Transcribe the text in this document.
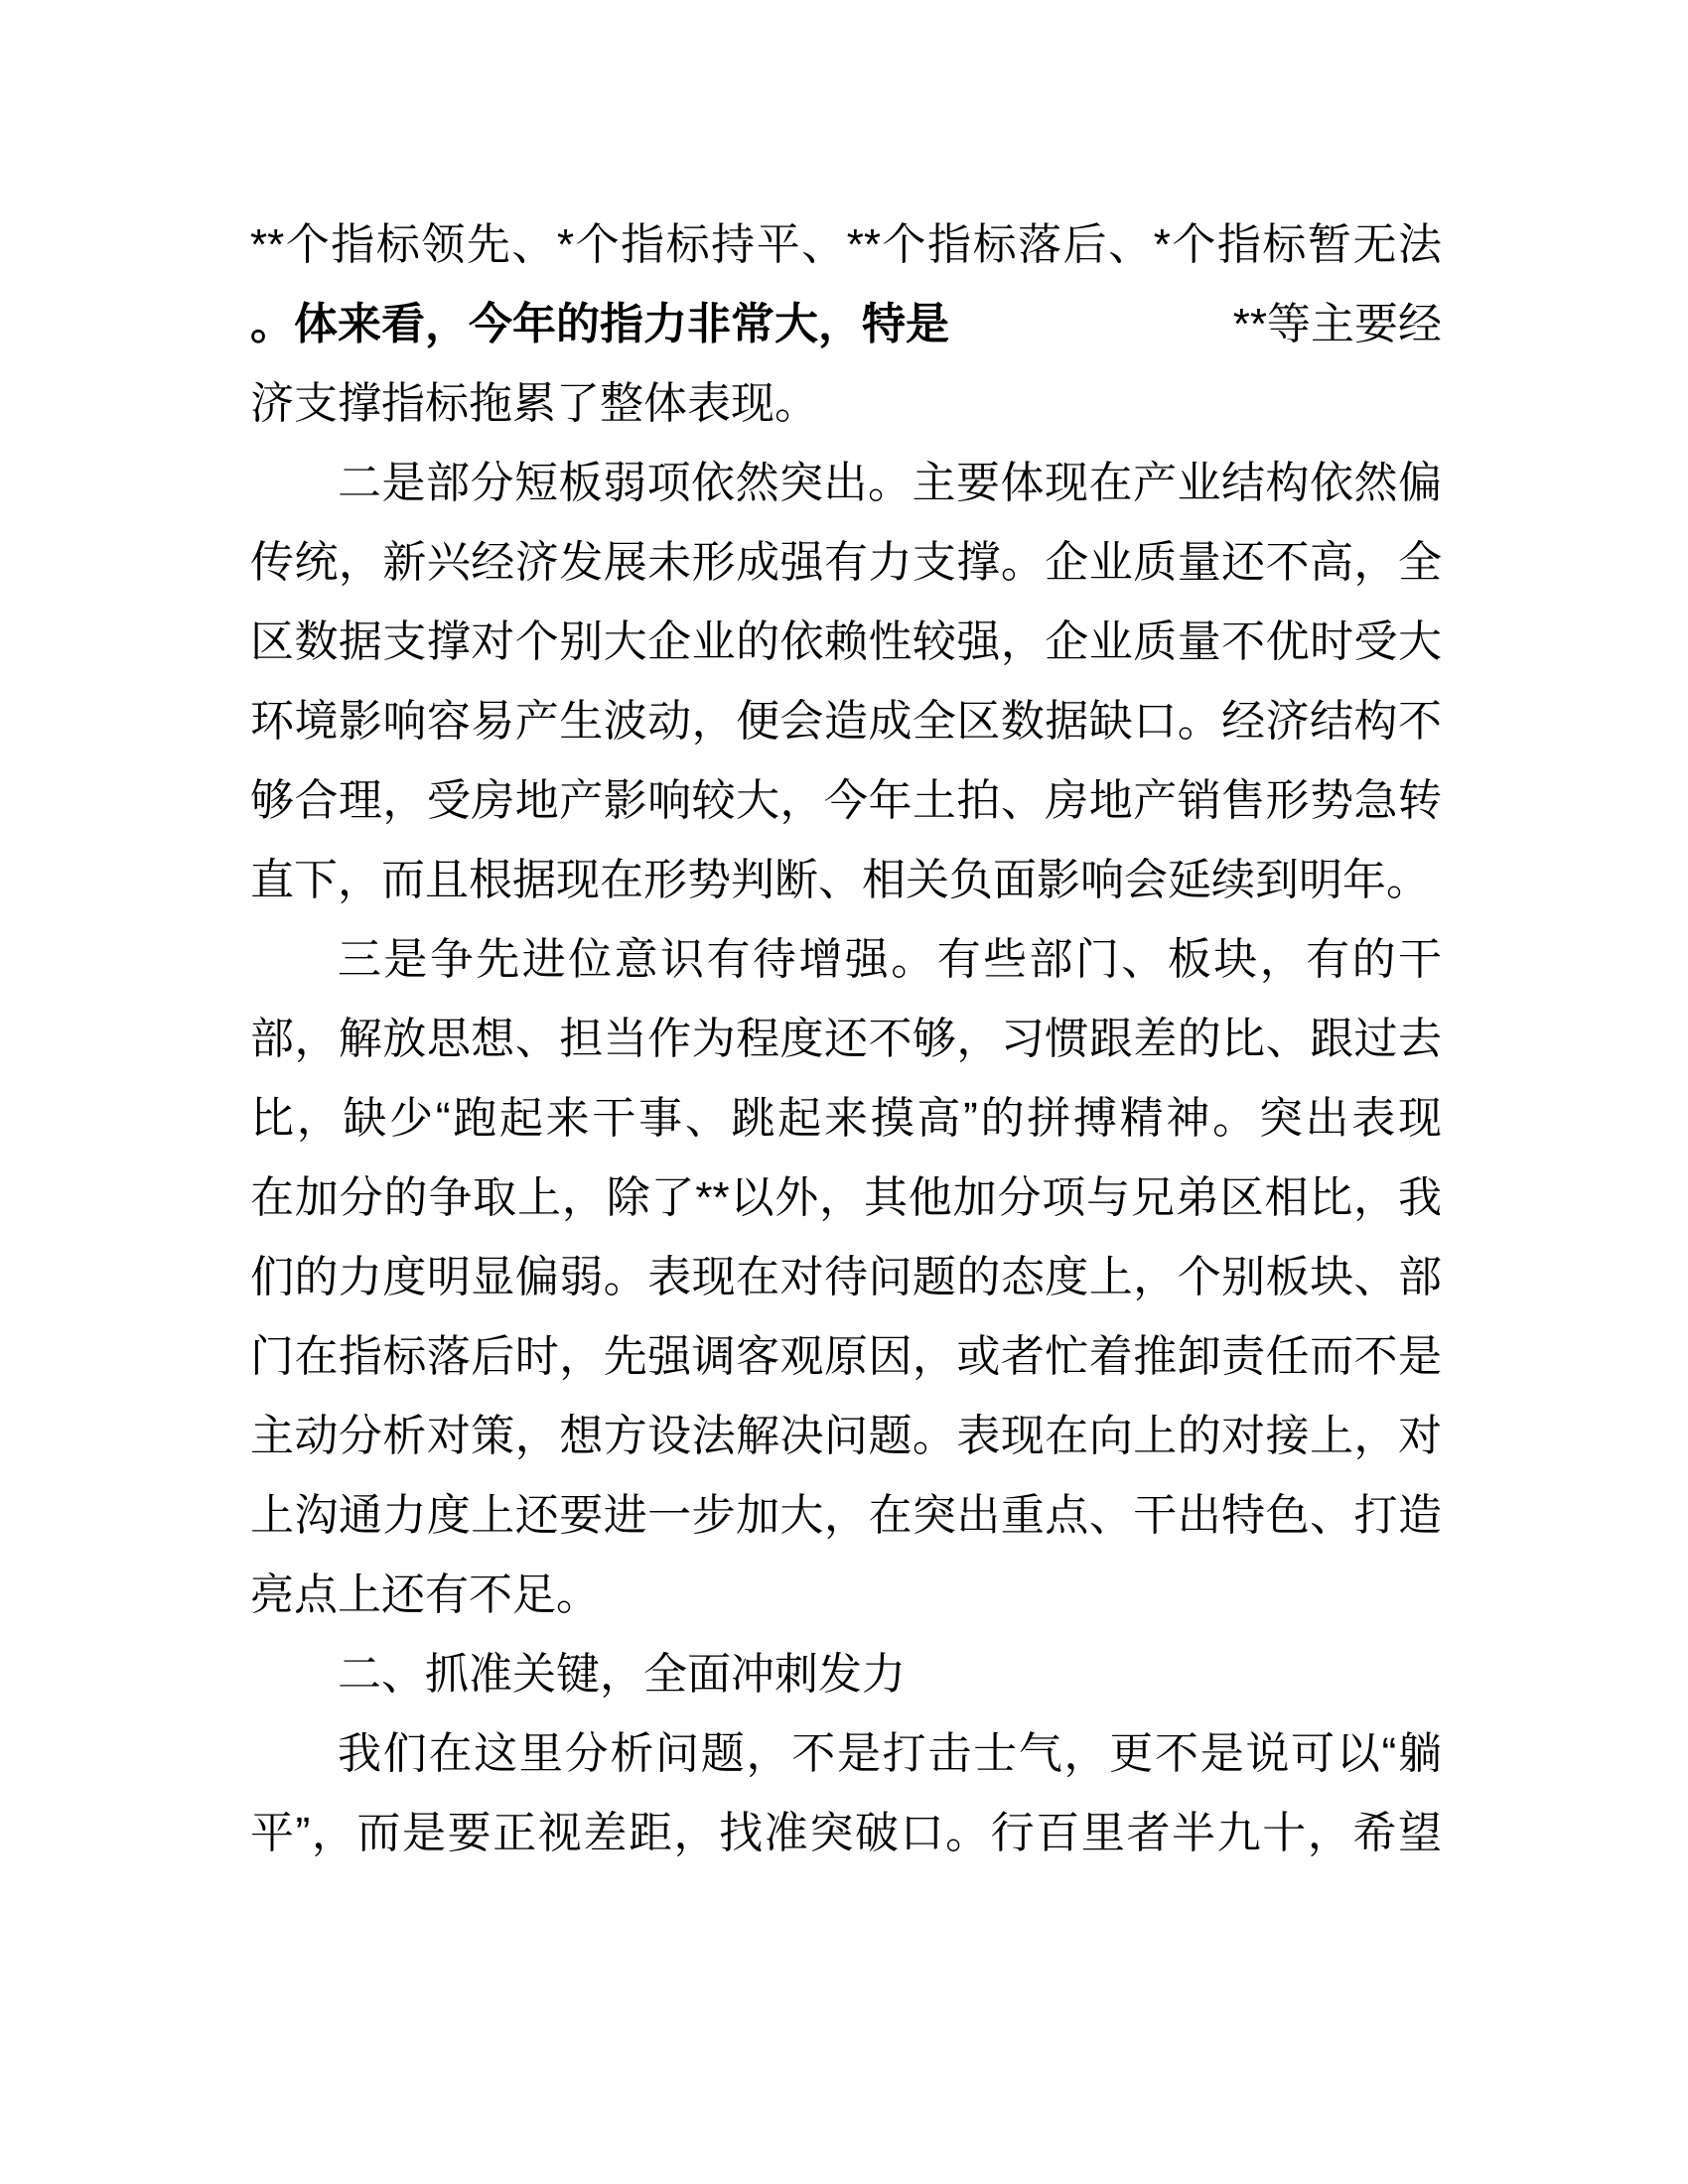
**个指标领先、*个指标持平、**个指标落后、*个指标暂无法
。体来看，今年的指力非常大，特是	**等主要经
济支撑指标拖累了整体表现。
二是部分短板弱项依然突出。主要体现在产业结构依然偏
传统，新兴经济发展未形成强有力支撑。企业质量还不高，全
区数据支撑对个别大企业的依赖性较强，企业质量不优时受大
环境影响容易产生波动，便会造成全区数据缺口。经济结构不
够合理，受房地产影响较大，今年土拍、房地产销售形势急转
直下，而且根据现在形势判断、相关负面影响会延续到明年。
三是争先进位意识有待增强。有些部门、板块，有的干
部，解放思想、担当作为程度还不够，习惯跟差的比、跟过去
比，缺少“跑起来干事、跳起来摸高”的拼搏精神。突出表现
在加分的争取上，除了**以外，其他加分项与兄弟区相比，我
们的力度明显偏弱。表现在对待问题的态度上，个别板块、部
门在指标落后时，先强调客观原因，或者忙着推卸责任而不是
主动分析对策，想方设法解决问题。表现在向上的对接上，对
上沟通力度上还要进一步加大，在突出重点、干出特色、打造
亮点上还有不足。
二、抓准关键，全面冲刺发力
我们在这里分析问题，不是打击士气，更不是说可以“躺
平”，而是要正视差距，找准突破口。行百里者半九十，希望
